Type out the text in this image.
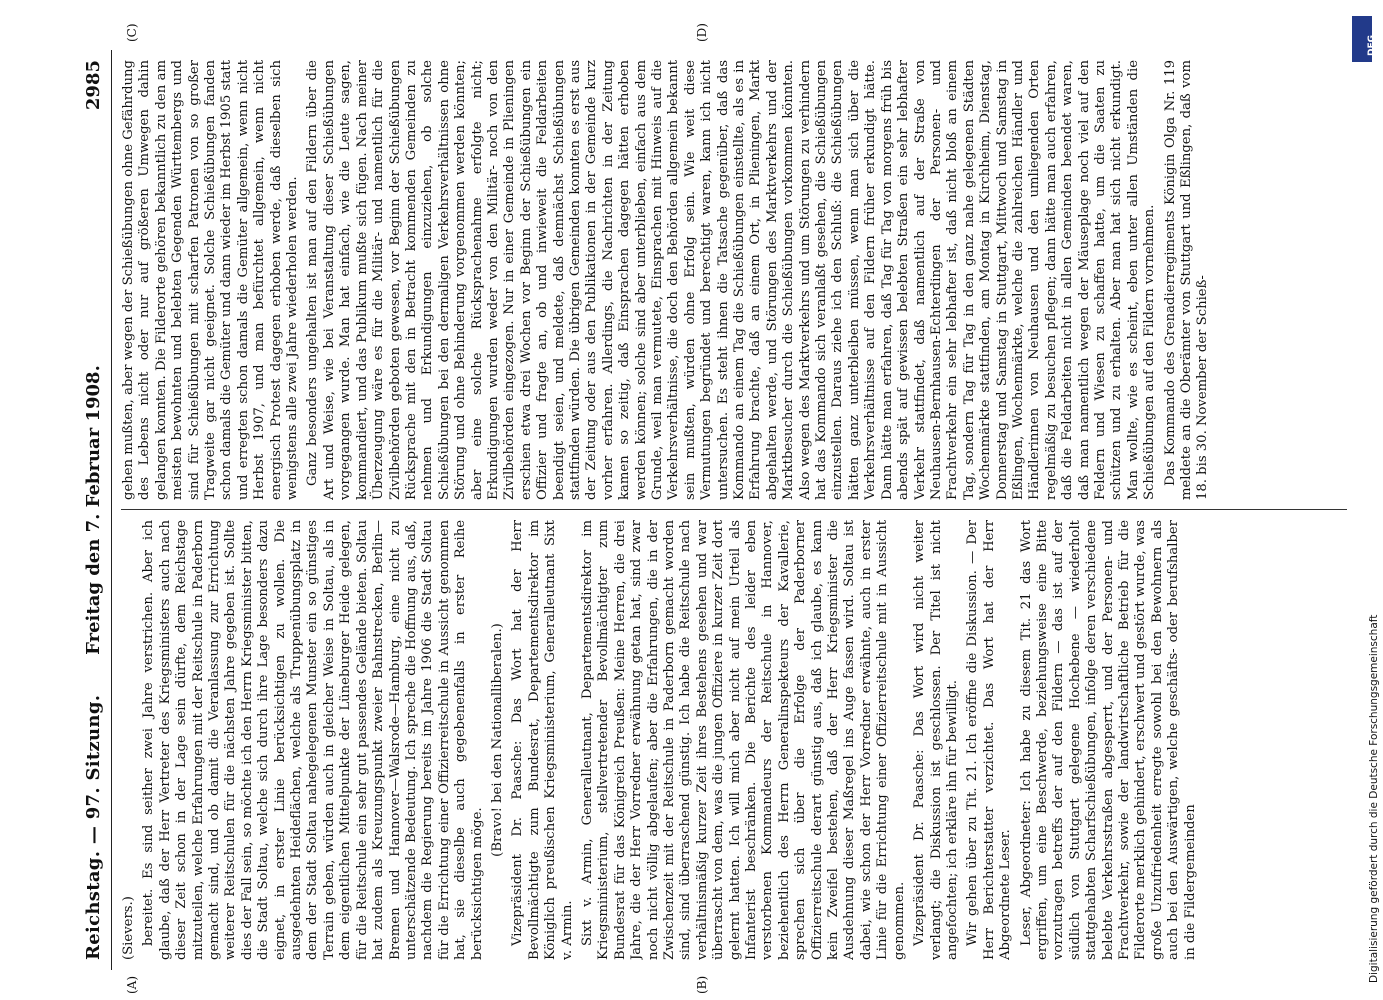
Reichstag. — 97. Sitzung.
Freitag den 7. Februar 1908.
2985
(A)	(B)
(C)	(D)

(Sievers.) bereitet. Es sind seither zwei Jahre verstrichen. Aber ich glaube, daß der Herr Vertreter des Kriegsministers auch nach dieser Zeit schon in der Lage sein dürfte, dem Reichstage mitzuteilen, welche Erfahrungen mit der Reitschule in Paderborn gemacht sind, und ob damit die Veranlassung zur Errichtung weiterer Reitschulen für die nächsten Jahre gegeben ist. Sollte dies der Fall sein, so möchte ich den Herrn Kriegsminister bitten, die Stadt Soltau, welche sich durch ihre Lage besonders dazu eignet, in erster Linie berücksichtigen zu wollen. Die ausgedehnten Heideflächen, welche als Truppenübungsplatz in dem der Stadt Soltau nahegelegenen Munster ein so günstiges Terrain geben, würden auch in gleicher Weise in Soltau, als in dem eigentlichen Mittelpunkte der Lüneburger Heide gelegen, für die Reitschule ein sehr gut passendes Gelände bieten. Soltau hat zudem als Kreuzungspunkt zweier Bahnstrecken, Berlin—Bremen und Hannover—Walsrode—Hamburg, eine nicht zu unterschätzende Bedeutung. Ich spreche die Hoffnung aus, daß, nachdem die Regierung bereits im Jahre 1906 die Stadt Soltau für die Errichtung einer Offizierreitschule in Aussicht genommen hat, sie dieselbe auch gegebenenfalls in erster Reihe berücksichtigen möge.

(Bravo! bei den Nationalliberalen.) Vizepräsident Dr. Paasche: Das Wort hat der Herr Bevollmächtigte zum Bundesrat, Departementsdirektor im Königlich preußischen Kriegsministerium, Generalleutnant Sixt v. Armin. Sixt v. Armin, Generalleutnant, Departementsdirektor im Kriegsministerium, stellvertretender Bevollmächtigter zum Bundesrat für das Königreich Preußen: Meine Herren, die drei Jahre, die der Herr Vorredner erwähnung getan hat, sind zwar noch nicht völlig abgelaufen; aber die Erfahrungen, die in der Zwischenzeit mit der Reitschule in Paderborn gemacht worden sind, sind überraschend günstig. Ich habe die Reitschule nach verhältnismäßig kurzer Zeit ihres Bestehens gesehen und war überrascht von dem, was die jungen Offiziere in kurzer Zeit dort gelernt hatten. Ich will mich aber nicht auf mein Urteil als Infanterist beschränken. Die Berichte des leider eben verstorbenen Kommandeurs der Reitschule in Hannover, beziehentlich des Herrn Generalinspekteurs der Kavallerie, sprechen sich über die Erfolge der Paderborner Offizierreitschule derart günstig aus, daß ich glaube, es kann kein Zweifel bestehen, daß der Herr Kriegsminister die Ausdehnung dieser Maßregel ins Auge fassen wird. Soltau ist dabei, wie schon der Herr Vorredner erwähnte, auch in erster Linie für die Errichtung einer Offizierreitschule mit in Aussicht genommen. Vizepräsident Dr. Paasche: Das Wort wird nicht weiter verlangt; die Diskussion ist geschlossen. Der Titel ist nicht angefochten; ich erkläre ihn für bewilligt. Wir gehen über zu Tit. 21. Ich eröffne die Diskussion. — Der Herr Berichterstatter verzichtet. Das Wort hat der Herr Abgeordnete Leser. Leser, Abgeordneter: Ich habe zu diesem Tit. 21 das Wort ergriffen, um eine Beschwerde, beziehungsweise eine Bitte vorzutragen betreffs der auf den Fildern — das ist auf der südlich von Stuttgart gelegene Hochebene — wiederholt stattgehabten Scharfschießübungen, infolge deren verschiedene belebte Verkehrsstraßen abgesperrt, und der Personen- und Frachtverkehr, sowie der landwirtschaftliche Betrieb für die Filderorte merklich gehindert, erschwert und gestört wurde, was große Unzufriedenheit erregte sowohl bei den Bewohnern als auch bei den Auswärtigen, welche geschäfts- oder berufshalber in die Fildergemeinden

gehen mußten, aber wegen der Schießübungen ohne Gefährdung des Lebens nicht oder nur auf größeren Umwegen dahin gelangen konnten. Die Filderorte gehören bekanntlich zu den am meisten bewohnten und belebten Gegenden Württembergs und sind für Schießübungen mit scharfen Patronen von so großer Tragweite gar nicht geeignet. Solche Schießübungen fanden schon damals die Gemüter und dann wieder im Herbst 1905 statt und erregten schon damals die Gemüter allgemein, wenn nicht Herbst 1907, und man befürchtet allgemein, wenn nicht energisch Protest dagegen erhoben werde, daß dieselben sich wenigstens alle zwei Jahre wiederholen werden. Ganz besonders ungehalten ist man auf den Fildern über die Art und Weise, wie bei Veranstaltung dieser Schießübungen vorgegangen wurde. Man hat einfach, wie die Leute sagen, kommandiert, und das Publikum mußte sich fügen. Nach meiner Überzeugung wäre es für die Militär- und namentlich für die Zivilbehörden geboten gewesen, vor Beginn der Schießübungen Rücksprache mit den in Betracht kommenden Gemeinden zu nehmen und Erkundigungen einzuziehen, ob solche Schießübungen bei den dermaligen Verkehrsverhältnissen ohne Störung und ohne Behinderung vorgenommen werden könnten; aber eine solche Rücksprachenahme erfolgte nicht; Erkundigungen wurden weder von den Militär- noch von den Zivilbehörden eingezogen. Nur in einer Gemeinde in Plieningen erschien etwa drei Wochen vor Beginn der Schießübungen ein Offizier und fragte an, ob und inwieweit die Feldarbeiten beendigt seien, und meldete, daß demnächst Schießübungen stattfinden würden. Die übrigen Gemeinden konnten es erst aus der Zeitung oder aus den Publikationen in der Gemeinde kurz vorher erfahren. Allerdings, die Nachrichten in der Zeitung kamen so zeitig, daß Einsprachen dagegen hätten erhoben werden können; solche sind aber unterblieben, einfach aus dem Grunde, weil man vermutete, Einsprachen mit Hinweis auf die Verkehrsverhältnisse, die doch den Behörden allgemein bekannt sein mußten, würden ohne Erfolg sein. Wie weit diese Vermutungen begründet und berechtigt waren, kann ich nicht untersuchen. Es steht ihnen die Tatsache gegenüber, daß das Kommando an einem Tag die Schießübungen einstellte, als es in Erfahrung brachte, daß an einem Ort, in Plieningen, Markt abgehalten werde, und Störungen des Marktverkehrs und der Marktbesucher durch die Schießübungen vorkommen könnten. Also wegen des Marktverkehrs und um Störungen zu verhindern hat das Kommando sich veranlaßt gesehen, die Schießübungen einzustellen. Daraus ziehe ich den Schluß: die Schießübungen hätten ganz unterbleiben müssen, wenn man sich über die Verkehrsverhältnisse auf den Fildern früher erkundigt hätte. Dann hätte man erfahren, daß Tag für Tag von morgens früh bis abends spät auf gewissen belebten Straßen ein sehr lebhafter Verkehr stattfindet, daß namentlich auf der Straße von Neuhausen-Bernhausen-Echterdingen der Personen- und Frachtverkehr ein sehr lebhafter ist, daß nicht bloß an einem Tag, sondern Tag für Tag in den ganz nahe gelegenen Städten Wochenmärkte stattfinden, am Montag in Kirchheim, Dienstag, Donnerstag und Samstag in Stuttgart, Mittwoch und Samstag in Eßlingen, Wochenmärkte, welche die zahlreichen Händler und Händlerinnen von Neuhausen und den umliegenden Orten regelmäßig zu besuchen pflegen; dann hätte man auch erfahren, daß die Feldarbeiten nicht in allen Gemeinden beendet waren, daß man namentlich wegen der Mäuseplage noch viel auf den Feldern und Wiesen zu schaffen hatte, um die Saaten zu schützen und zu erhalten. Aber man hat sich nicht erkundigt. Man wollte, wie es scheint, eben unter allen Umständen die Schießübungen auf den Fildern vornehmen. Das Kommando des Grenadierregiments Königin Olga Nr. 119 meldete an die Oberämter von Stuttgart und Eßlingen, daß vom 18. bis 30. November der Schieß-

DFG
Digitalisierung gefördert durch die Deutsche Forschungsgemeinschaft
